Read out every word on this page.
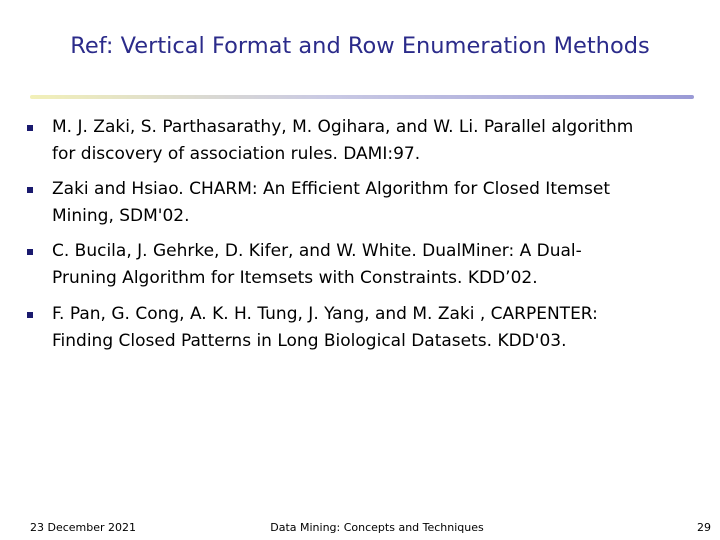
Ref: Vertical Format and Row Enumeration Methods
M. J. Zaki, S. Parthasarathy, M. Ogihara, and W. Li. Parallel algorithm
for discovery of association rules. DAMI:97.
Zaki and Hsiao. CHARM: An Efficient Algorithm for Closed Itemset
Mining, SDM'02.
C. Bucila, J. Gehrke, D. Kifer, and W. White. DualMiner: A Dual-
Pruning Algorithm for Itemsets with Constraints. KDD’02.
F. Pan, G. Cong, A. K. H. Tung, J. Yang, and M. Zaki , CARPENTER:
Finding Closed Patterns in Long Biological Datasets. KDD'03.
23 December 2021	Data Mining: Concepts and Techniques	29
